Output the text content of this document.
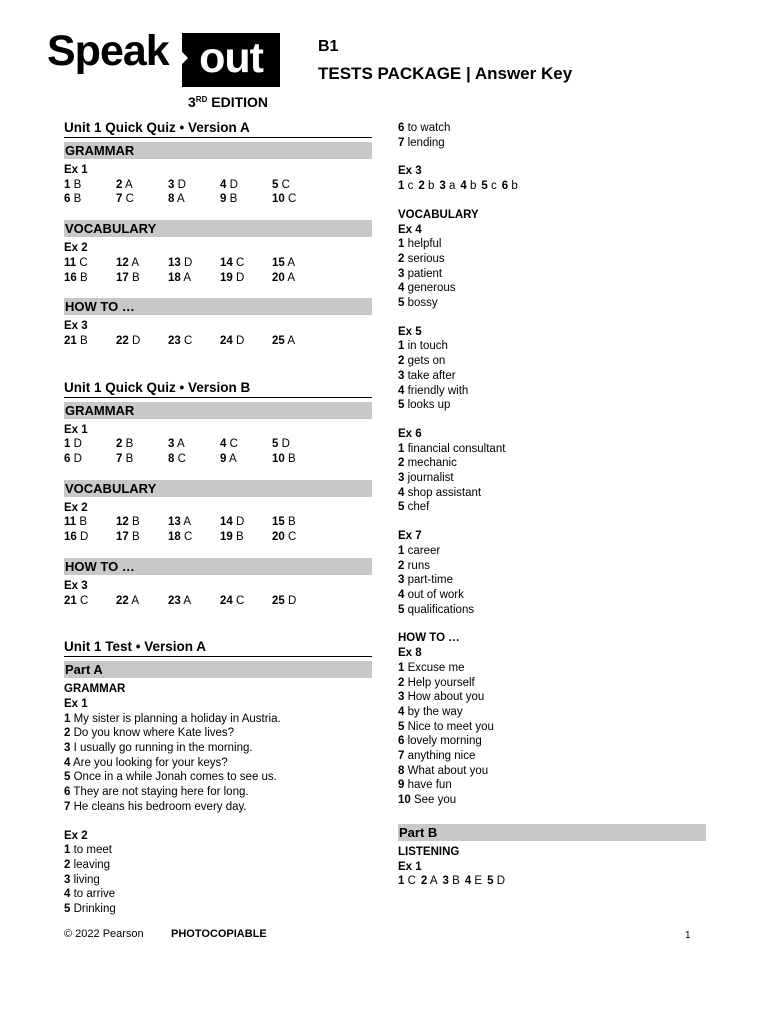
Speak out
3RD EDITION
B1
TESTS PACKAGE | Answer Key
Unit 1 Quick Quiz • Version A
GRAMMAR
Ex 1
1 B	2 A	3 D	4 D	5 C
6 B	7 C	8 A	9 B	10 C
VOCABULARY
Ex 2
11 C	12 A	13 D	14 C	15 A
16 B	17 B	18 A	19 D	20 A
HOW TO …
Ex 3
21 B	22 D	23 C	24 D	25 A
Unit 1 Quick Quiz • Version B
GRAMMAR
Ex 1
1 D	2 B	3 A	4 C	5 D
6 D	7 B	8 C	9 A	10 B
VOCABULARY
Ex 2
11 B	12 B	13 A	14 D	15 B
16 D	17 B	18 C	19 B	20 C
HOW TO …
Ex 3
21 C	22 A	23 A	24 C	25 D
Unit 1 Test • Version A
Part A
GRAMMAR
Ex 1
1 My sister is planning a holiday in Austria.
2 Do you know where Kate lives?
3 I usually go running in the morning.
4 Are you looking for your keys?
5 Once in a while Jonah comes to see us.
6 They are not staying here for long.
7 He cleans his bedroom every day.
Ex 2
1 to meet
2 leaving
3 living
4 to arrive
5 Drinking
6 to watch
7 lending
Ex 3
1 c 2 b 3 a 4 b 5 c 6 b
VOCABULARY
Ex 4
1 helpful
2 serious
3 patient
4 generous
5 bossy
Ex 5
1 in touch
2 gets on
3 take after
4 friendly with
5 looks up
Ex 6
1 financial consultant
2 mechanic
3 journalist
4 shop assistant
5 chef
Ex 7
1 career
2 runs
3 part-time
4 out of work
5 qualifications
HOW TO …
Ex 8
1 Excuse me
2 Help yourself
3 How about you
4 by the way
5 Nice to meet you
6 lovely morning
7 anything nice
8 What about you
9 have fun
10 See you
Part B
LISTENING
Ex 1
1 C 2 A 3 B 4 E 5 D
© 2022 Pearson PHOTOCOPIABLE	1
